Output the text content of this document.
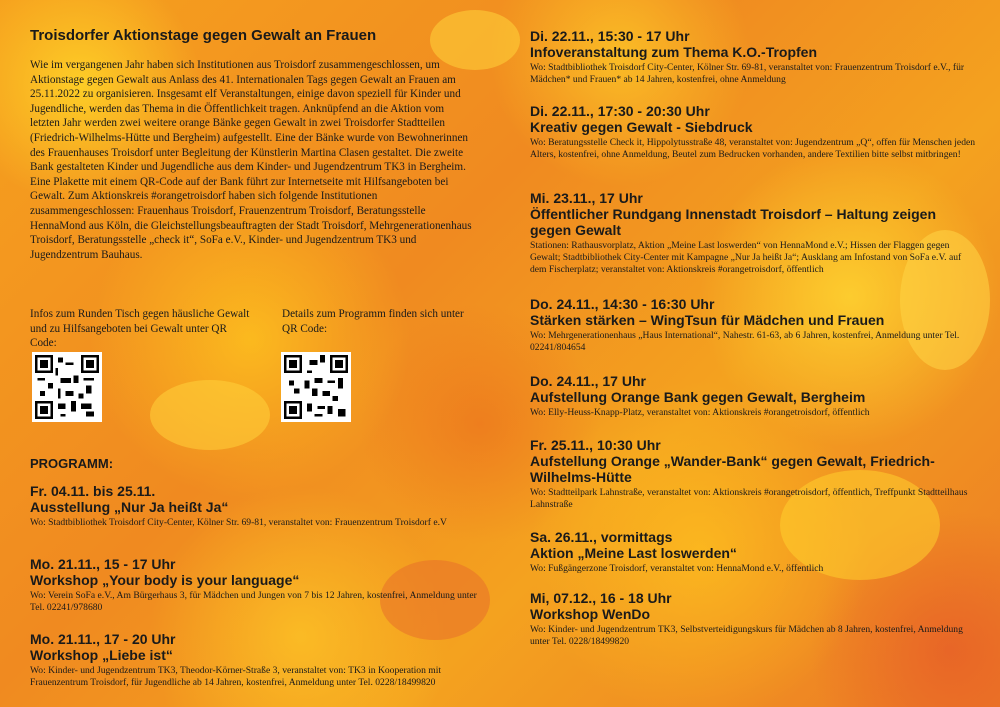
Troisdorfer Aktionstage gegen Gewalt an Frauen
Wie im vergangenen Jahr haben sich Institutionen aus Troisdorf zusammengeschlossen, um Aktionstage gegen Gewalt aus Anlass des 41. Internationalen Tags gegen Gewalt an Frauen am 25.11.2022 zu organisieren. Insgesamt elf Veranstaltungen, einige davon speziell für Kinder und Jugendliche, werden das Thema in die Öffentlichkeit tragen. Anknüpfend an die Aktion vom letzten Jahr werden zwei weitere orange Bänke gegen Gewalt in zwei Troisdorfer Stadtteilen (Friedrich-Wilhelms-Hütte und Bergheim) aufgestellt. Eine der Bänke wurde von Bewohnerinnen des Frauenhauses Troisdorf unter Begleitung der Künstlerin Martina Clasen gestaltet. Die zweite Bank gestalteten Kinder und Jugendliche aus dem Kinder- und Jugendzentrum TK3 in Bergheim. Eine Plakette mit einem QR-Code auf der Bank führt zur Internetseite mit Hilfsangeboten bei Gewalt. Zum Aktionskreis #orangetroisdorf haben sich folgende Institutionen zusammengeschlossen: Frauenhaus Troisdorf, Frauenzentrum Troisdorf, Beratungsstelle HennaMond aus Köln, die Gleichstellungsbeauftragten der Stadt Troisdorf, Mehrgenerationenhaus Troisdorf, Beratungsstelle „check it“, SoFa e.V., Kinder- und Jugendzentrum TK3 und Jugendzentrum Bauhaus.
Infos zum Runden Tisch gegen häusliche Gewalt und zu Hilfsangeboten bei Gewalt unter QR Code:
Details zum Programm finden sich unter QR Code:
PROGRAMM:
Fr. 04.11. bis 25.11.
Ausstellung „Nur Ja heißt Ja“
Wo: Stadtbibliothek Troisdorf City-Center, Kölner Str. 69-81, veranstaltet von: Frauenzentrum Troisdorf e.V
Mo. 21.11., 15 - 17 Uhr
Workshop „Your body is your language“
Wo: Verein SoFa e.V., Am Bürgerhaus 3, für Mädchen und Jungen von 7 bis 12 Jahren, kostenfrei, Anmeldung unter Tel. 02241/978680
Mo. 21.11., 17 - 20 Uhr
Workshop „Liebe ist“
Wo: Kinder- und Jugendzentrum TK3, Theodor-Körner-Straße 3, veranstaltet von: TK3 in Kooperation mit Frauenzentrum Troisdorf, für Jugendliche ab 14 Jahren, kostenfrei, Anmeldung unter Tel. 0228/18499820
Di. 22.11., 15:30 - 17 Uhr
Infoveranstaltung zum Thema K.O.-Tropfen
Wo: Stadtbibliothek Troisdorf City-Center, Kölner Str. 69-81, veranstaltet von: Frauenzentrum Troisdorf e.V., für Mädchen* und Frauen* ab 14 Jahren, kostenfrei, ohne Anmeldung
Di. 22.11., 17:30 - 20:30 Uhr
Kreativ gegen Gewalt - Siebdruck
Wo: Beratungsstelle Check it, Hippolytusstraße 48, veranstaltet von: Jugendzentrum „Q“, offen für Menschen jeden Alters, kostenfrei, ohne Anmeldung, Beutel zum Bedrucken vorhanden, andere Textilien bitte selbst mitbringen!
Mi. 23.11., 17 Uhr
Öffentlicher Rundgang Innenstadt Troisdorf – Haltung zeigen gegen Gewalt
Stationen: Rathausvorplatz, Aktion „Meine Last loswerden“ von HennaMond e.V.; Hissen der Flaggen gegen Gewalt; Stadtbibliothek City-Center mit Kampagne „Nur Ja heißt Ja“; Ausklang am Infostand von SoFa e.V. auf dem Fischerplatz; veranstaltet von: Aktionskreis #orangetroisdorf, öffentlich
Do. 24.11., 14:30 - 16:30 Uhr
Stärken stärken – WingTsun für Mädchen und Frauen
Wo: Mehrgenerationenhaus „Haus International“, Nahestr. 61-63, ab 6 Jahren, kostenfrei, Anmeldung unter Tel. 02241/804654
Do. 24.11., 17 Uhr
Aufstellung Orange Bank gegen Gewalt, Bergheim
Wo: Elly-Heuss-Knapp-Platz, veranstaltet von: Aktionskreis #orangetroisdorf, öffentlich
Fr. 25.11., 10:30 Uhr
Aufstellung Orange „Wander-Bank“ gegen Gewalt, Friedrich-Wilhelms-Hütte
Wo: Stadtteilpark Lahnstraße, veranstaltet von: Aktionskreis #orangetroisdorf, öffentlich, Treffpunkt Stadtteilhaus Lahnstraße
Sa. 26.11., vormittags
Aktion „Meine Last loswerden“
Wo: Fußgängerzone Troisdorf, veranstaltet von: HennaMond e.V., öffentlich
Mi, 07.12., 16 - 18 Uhr
Workshop WenDo
Wo: Kinder- und Jugendzentrum TK3, Selbstverteidigungskurs für Mädchen ab 8 Jahren, kostenfrei, Anmeldung unter Tel. 0228/18499820
